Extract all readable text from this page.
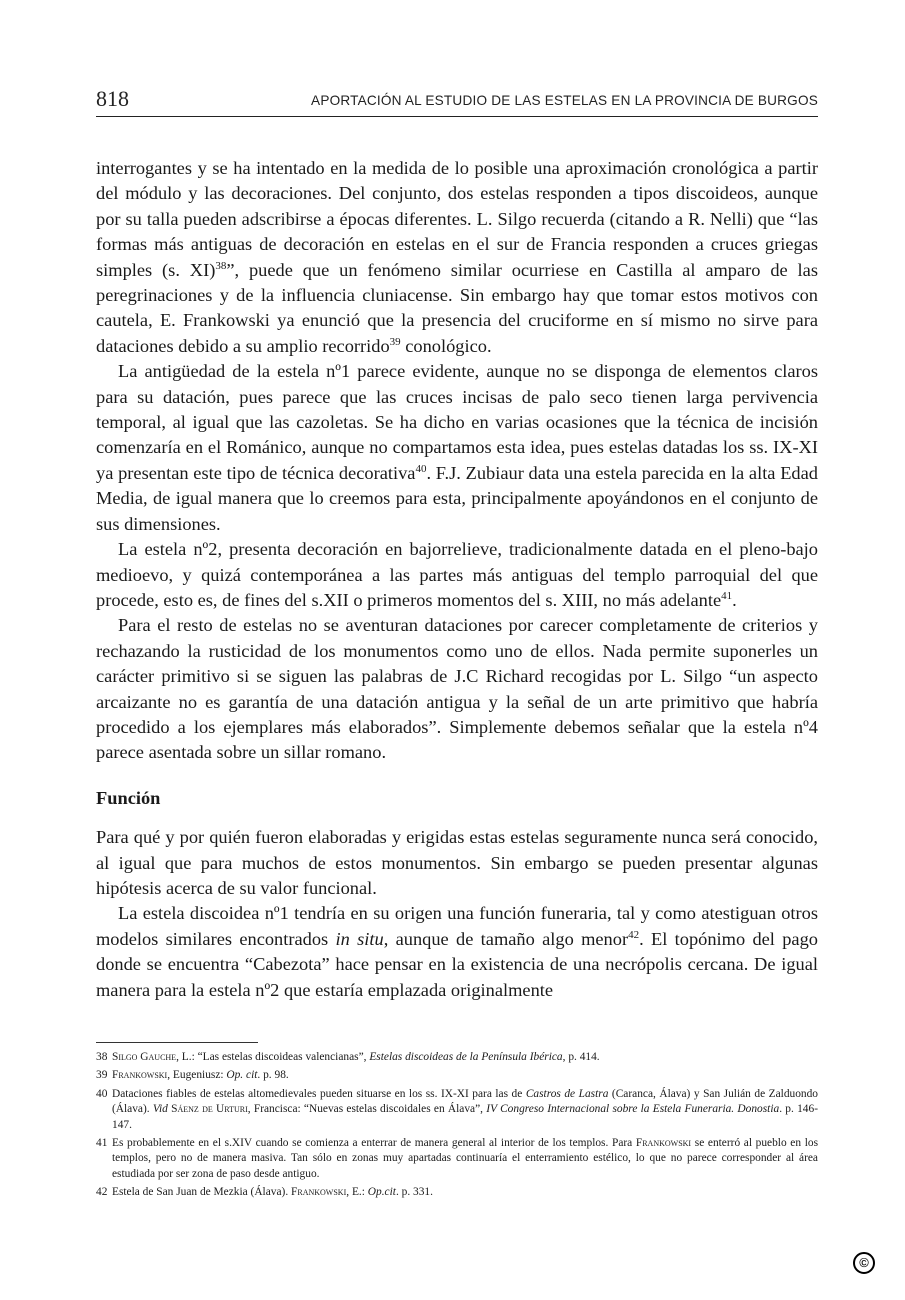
818	APORTACIÓN AL ESTUDIO DE LAS ESTELAS EN LA PROVINCIA DE BURGOS

interrogantes y se ha intentado en la medida de lo posible una aproximación cronológica a partir del módulo y las decoraciones. Del conjunto, dos estelas responden a tipos discoideos, aunque por su talla pueden adscribirse a épocas diferentes. L. Silgo recuerda (citando a R. Nelli) que “las formas más antiguas de decoración en estelas en el sur de Francia responden a cruces griegas simples (s. XI)$^{38}$”, puede que un fenómeno similar ocurriese en Castilla al amparo de las peregrinaciones y de la influencia cluniacense. Sin embargo hay que tomar estos motivos con cautela, E. Frankowski ya enunció que la presencia del cruciforme en sí mismo no sirve para dataciones debido a su amplio recorrido$^{39}$ conológico.

La antigüedad de la estela nº1 parece evidente, aunque no se disponga de elementos claros para su datación, pues parece que las cruces incisas de palo seco tienen larga pervivencia temporal, al igual que las cazoletas. Se ha dicho en varias ocasiones que la técnica de incisión comenzaría en el Románico, aunque no compartamos esta idea, pues estelas datadas los ss. IX-XI ya presentan este tipo de técnica decorativa$^{40}$. F.J. Zubiaur data una estela parecida en la alta Edad Media, de igual manera que lo creemos para esta, principalmente apoyándonos en el conjunto de sus dimensiones.

La estela nº2, presenta decoración en bajorrelieve, tradicionalmente datada en el pleno-bajo medioevo, y quizá contemporánea a las partes más antiguas del templo parroquial del que procede, esto es, de fines del s.XII o primeros momentos del s. XIII, no más adelante$^{41}$.

Para el resto de estelas no se aventuran dataciones por carecer completamente de criterios y rechazando la rusticidad de los monumentos como uno de ellos. Nada permite suponerles un carácter primitivo si se siguen las palabras de J.C Richard recogidas por L. Silgo “un aspecto arcaizante no es garantía de una datación antigua y la señal de un arte primitivo que habría procedido a los ejemplares más elaborados”. Simplemente debemos señalar que la estela nº4 parece asentada sobre un sillar romano.

Función

Para qué y por quién fueron elaboradas y erigidas estas estelas seguramente nunca será conocido, al igual que para muchos de estos monumentos. Sin embargo se pueden presentar algunas hipótesis acerca de su valor funcional.

La estela discoidea nº1 tendría en su origen una función funeraria, tal y como atestiguan otros modelos similares encontrados in situ, aunque de tamaño algo menor$^{42}$. El topónimo del pago donde se encuentra “Cabezota” hace pensar en la existencia de una necrópolis cercana. De igual manera para la estela nº2 que estaría emplazada originalmente

38 Silgo Gauche, L.: “Las estelas discoideas valencianas”, Estelas discoideas de la Península Ibérica, p. 414.

39 Frankowski, Eugeniusz: Op. cit. p. 98.

40 Dataciones fiables de estelas altomedievales pueden situarse en los ss. IX-XI para las de Castros de Lastra (Caranca, Álava) y San Julián de Zalduondo (Álava). Vid Sáenz de Urturi, Francisca: “Nuevas estelas discoidales en Álava”, IV Congreso Internacional sobre la Estela Funeraria. Donostia. p. 146-147.

41 Es probablemente en el s.XIV cuando se comienza a enterrar de manera general al interior de los templos. Para Frankowski se enterró al pueblo en los templos, pero no de manera masiva. Tan sólo en zonas muy apartadas continuaría el enterramiento estélico, lo que no parece corresponder al área estudiada por ser zona de paso desde antiguo.

42 Estela de San Juan de Mezkia (Álava). Frankowski, E.: Op.cit. p. 331.

©
